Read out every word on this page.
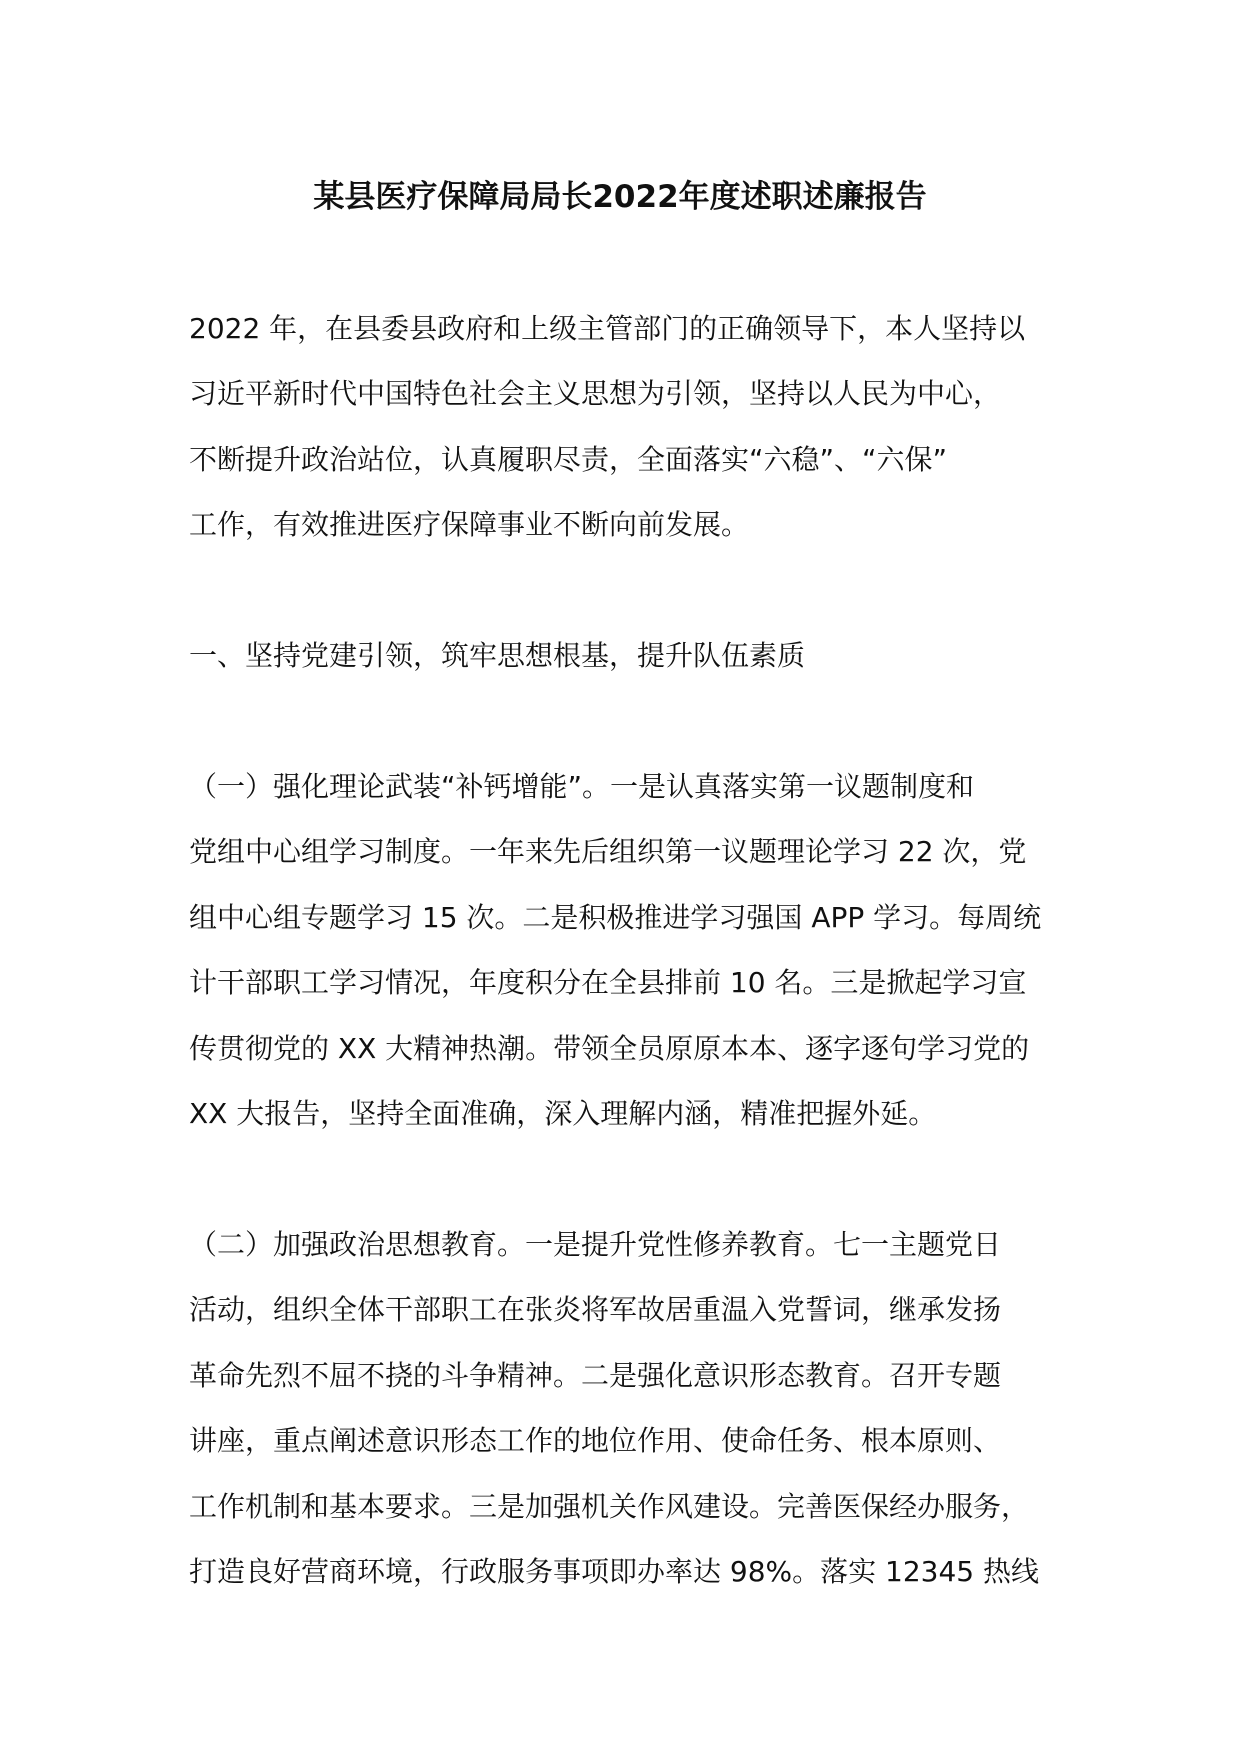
某县医疗保障局局长2022年度述职述廉报告
2022 年，在县委县政府和上级主管部门的正确领导下，本人坚持以
习近平新时代中国特色社会主义思想为引领，坚持以人民为中心，
不断提升政治站位，认真履职尽责，全面落实“六稳”、“六保”
工作，有效推进医疗保障事业不断向前发展。
一、坚持党建引领，筑牢思想根基，提升队伍素质
（一）强化理论武装“补钙增能”。一是认真落实第一议题制度和
党组中心组学习制度。一年来先后组织第一议题理论学习 22 次，党
组中心组专题学习 15 次。二是积极推进学习强国 APP 学习。每周统
计干部职工学习情况，年度积分在全县排前 10 名。三是掀起学习宣
传贯彻党的 XX 大精神热潮。带领全员原原本本、逐字逐句学习党的
XX 大报告，坚持全面准确，深入理解内涵，精准把握外延。
（二）加强政治思想教育。一是提升党性修养教育。七一主题党日
活动，组织全体干部职工在张炎将军故居重温入党誓词，继承发扬
革命先烈不屈不挠的斗争精神。二是强化意识形态教育。召开专题
讲座，重点阐述意识形态工作的地位作用、使命任务、根本原则、
工作机制和基本要求。三是加强机关作风建设。完善医保经办服务，
打造良好营商环境，行政服务事项即办率达 98%。落实 12345 热线
